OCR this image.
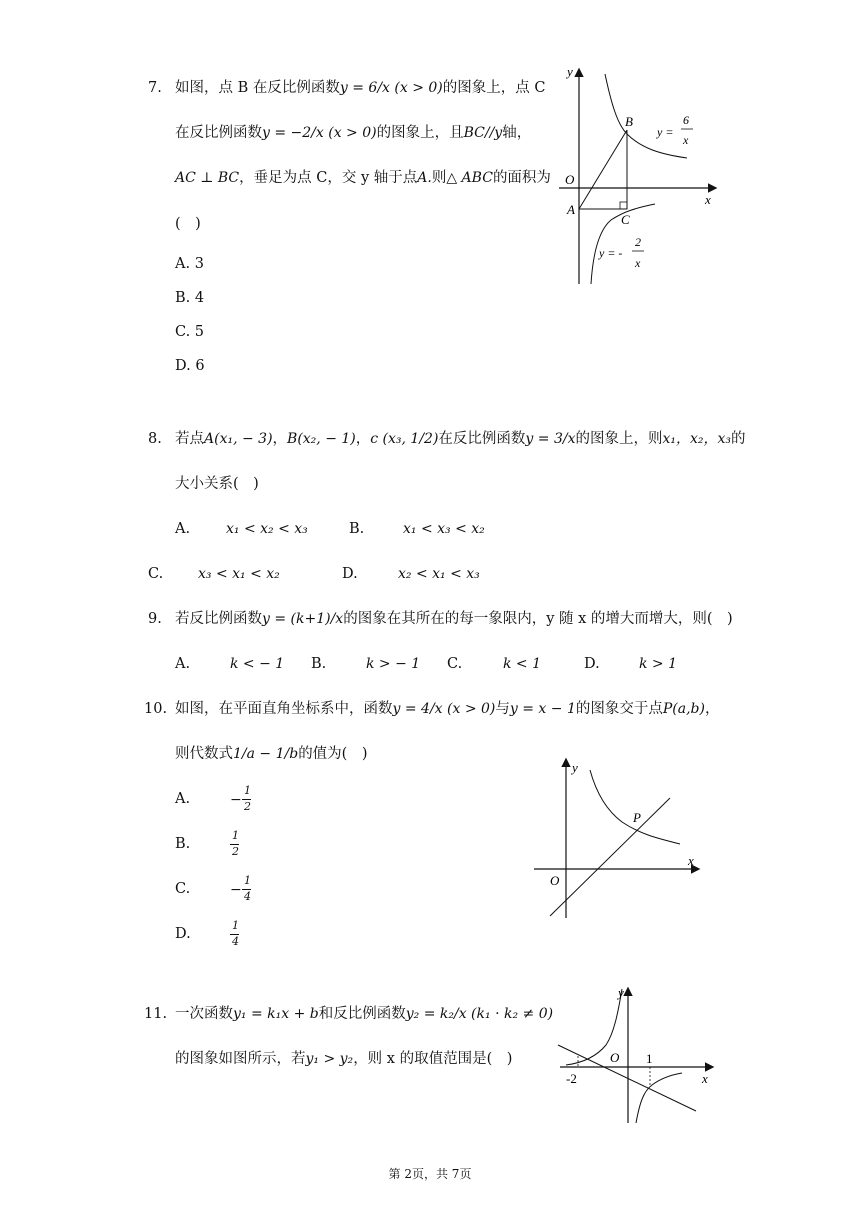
7. 如图，点 B 在反比例函数y = 6/x (x > 0)的图象上，点 C
在反比例函数y = −2/x (x > 0)的图象上，且BC//y轴，
AC ⊥ BC，垂足为点 C，交 y 轴于点A.则△ ABC的面积为
(　)
A. 3
B. 4
C. 5
D. 6
y
x
O
A
B
C
y =
6
x
y = -
2
x
8. 若点A(x₁, − 3)，B(x₂, − 1)，c (x₃, 1/2)在反比例函数y = 3/x的图象上，则x₁，x₂，x₃的
大小关系(　)
A.	x₁ < x₂ < x₃	B.	x₁ < x₃ < x₂
C. x₃ < x₁ < x₂	D.	x₂ < x₁ < x₃
9. 若反比例函数y = (k+1)/x的图象在其所在的每一象限内，y 随 x 的增大而增大，则(　)
A.	k < − 1 B.	k > − 1 C.	k < 1	D.	k > 1
10. 如图，在平面直角坐标系中，函数y = 4/x (x > 0)与y = x − 1的图象交于点P(a,b)，
则代数式1/a − 1/b的值为(　)
A.	−
1
2
B.
1
2
C.	−
1
4
D.
1
4
y
x
O
P
11. 一次函数y₁ = k₁x + b和反比例函数y₂ = k₂/x (k₁ · k₂ ≠ 0)
的图象如图所示，若y₁ > y₂，则 x 的取值范围是(　)
y
x
O 1
-2
第 2页，共 7页
